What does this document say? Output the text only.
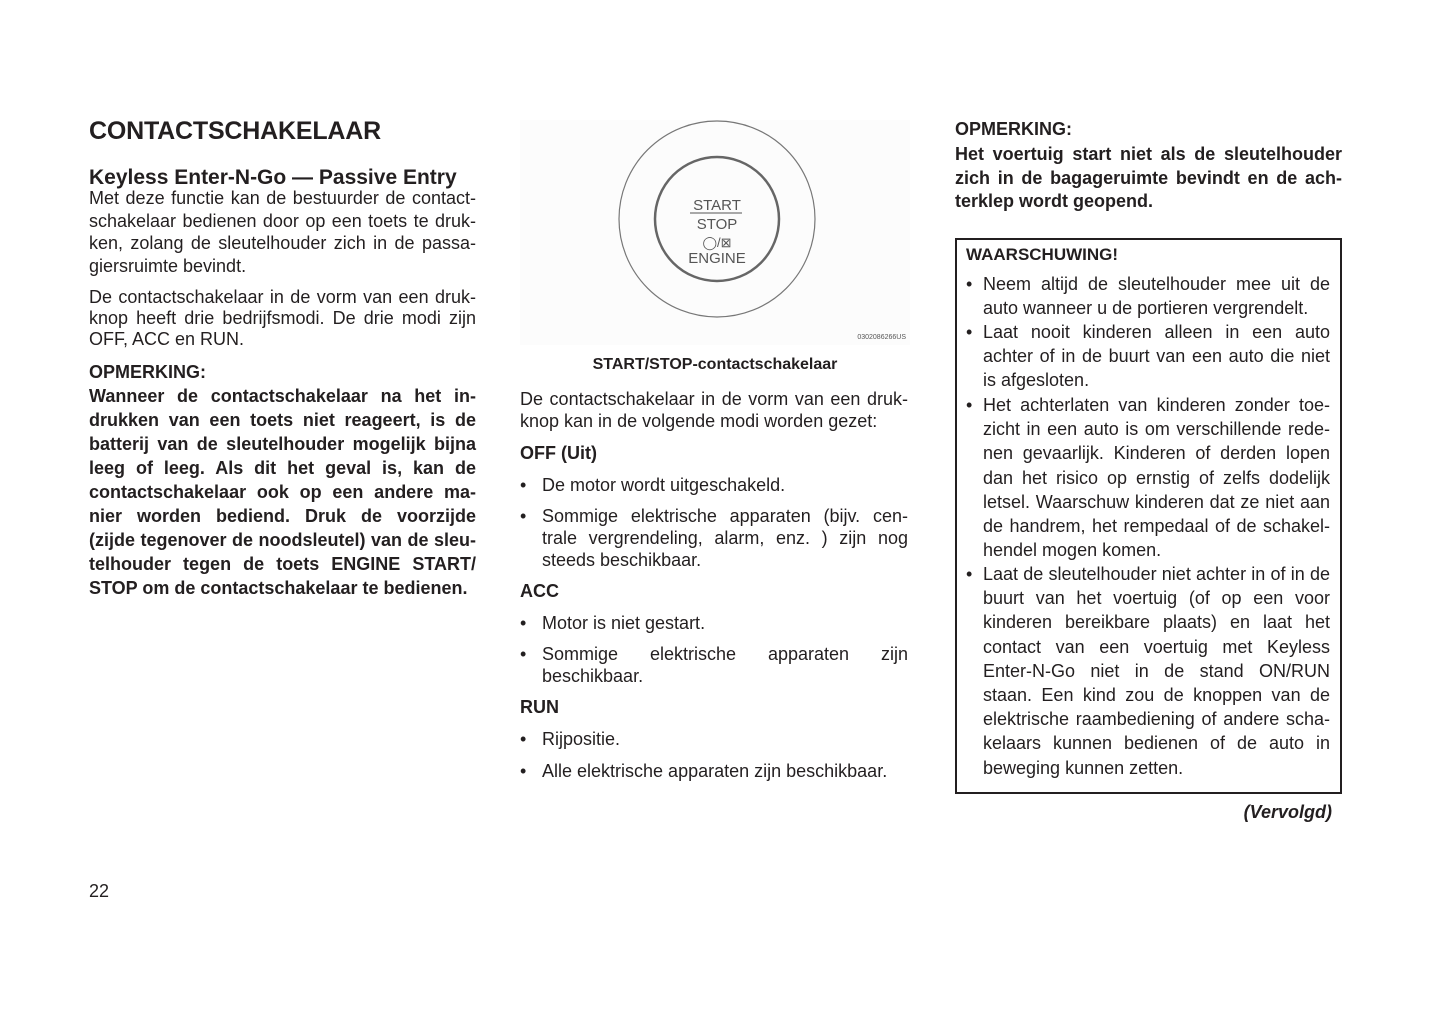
CONTACTSCHAKELAAR
Keyless Enter-N-Go — Passive Entry
Met deze functie kan de bestuurder de contact-
schakelaar bedienen door op een toets te druk-
ken, zolang de sleutelhouder zich in de passa-
giersruimte bevindt.
De contactschakelaar in de vorm van een druk-
knop heeft drie bedrijfsmodi. De drie modi zijn
OFF, ACC en RUN.
OPMERKING:
Wanneer de contactschakelaar na het in-
drukken van een toets niet reageert, is de
batterij van de sleutelhouder mogelijk bijna
leeg of leeg. Als dit het geval is, kan de
contactschakelaar ook op een andere ma-
nier worden bediend. Druk de voorzijde
(zijde tegenover de noodsleutel) van de sleu-
telhouder tegen de toets ENGINE START/
STOP om de contactschakelaar te bedienen.
START
STOP
◯/⊠
ENGINE
0302086266US
START/STOP-contactschakelaar
De contactschakelaar in de vorm van een druk-
knop kan in de volgende modi worden gezet:
OFF (Uit)
• De motor wordt uitgeschakeld.
• Sommige elektrische apparaten (bijv. cen-
trale vergrendeling, alarm, enz. ) zijn nog
steeds beschikbaar.
ACC
• Motor is niet gestart.
• Sommige elektrische apparaten zijn
beschikbaar.
RUN
• Rijpositie.
• Alle elektrische apparaten zijn beschikbaar.
OPMERKING:
Het voertuig start niet als de sleutelhouder
zich in de bagageruimte bevindt en de ach-
terklep wordt geopend.
WAARSCHUWING!
• Neem altijd de sleutelhouder mee uit de
auto wanneer u de portieren vergrendelt.
• Laat nooit kinderen alleen in een auto
achter of in de buurt van een auto die niet
is afgesloten.
• Het achterlaten van kinderen zonder toe-
zicht in een auto is om verschillende rede-
nen gevaarlijk. Kinderen of derden lopen
dan het risico op ernstig of zelfs dodelijk
letsel. Waarschuw kinderen dat ze niet aan
de handrem, het rempedaal of de schakel-
hendel mogen komen.
• Laat de sleutelhouder niet achter in of in de
buurt van het voertuig (of op een voor
kinderen bereikbare plaats) en laat het
contact van een voertuig met Keyless
Enter-N-Go niet in de stand ON/RUN
staan. Een kind zou de knoppen van de
elektrische raambediening of andere scha-
kelaars kunnen bedienen of de auto in
beweging kunnen zetten.
(Vervolgd)
22
